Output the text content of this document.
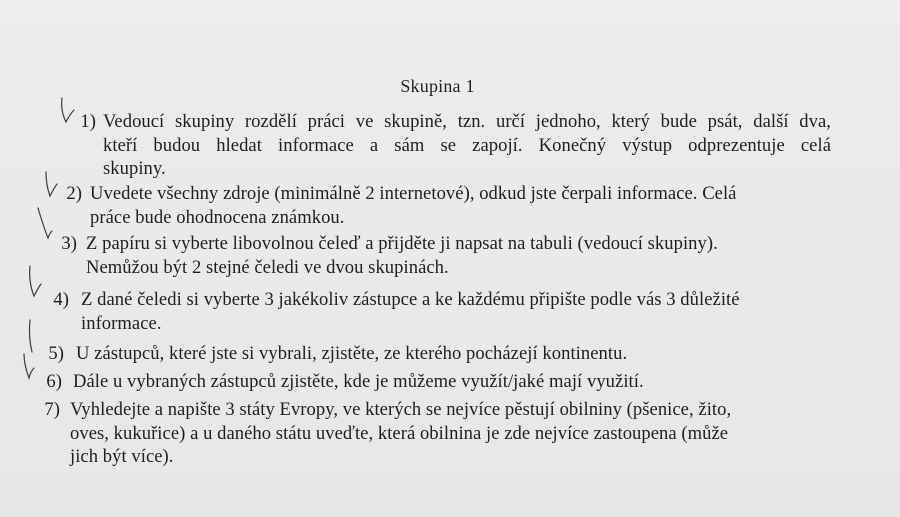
Skupina 1
1) Vedoucí skupiny rozdělí práci ve skupině, tzn. určí jednoho, který bude psát, další dva,
kteří budou hledat informace a sám se zapojí. Konečný výstup odprezentuje celá
skupiny.
2) Uvedete všechny zdroje (minimálně 2 internetové), odkud jste čerpali informace. Celá
práce bude ohodnocena známkou.
3) Z papíru si vyberte libovolnou čeleď a přijděte ji napsat na tabuli (vedoucí skupiny).
Nemůžou být 2 stejné čeledi ve dvou skupinách.
4) Z dané čeledi si vyberte 3 jakékoliv zástupce a ke každému připište podle vás 3 důležité
informace.
5) U zástupců, které jste si vybrali, zjistěte, ze kterého pocházejí kontinentu.
6) Dále u vybraných zástupců zjistěte, kde je můžeme využít/jaké mají využití.
7) Vyhledejte a napište 3 státy Evropy, ve kterých se nejvíce pěstují obilniny (pšenice, žito,
oves, kukuřice) a u daného státu uveďte, která obilnina je zde nejvíce zastoupena (může
jich být více).
